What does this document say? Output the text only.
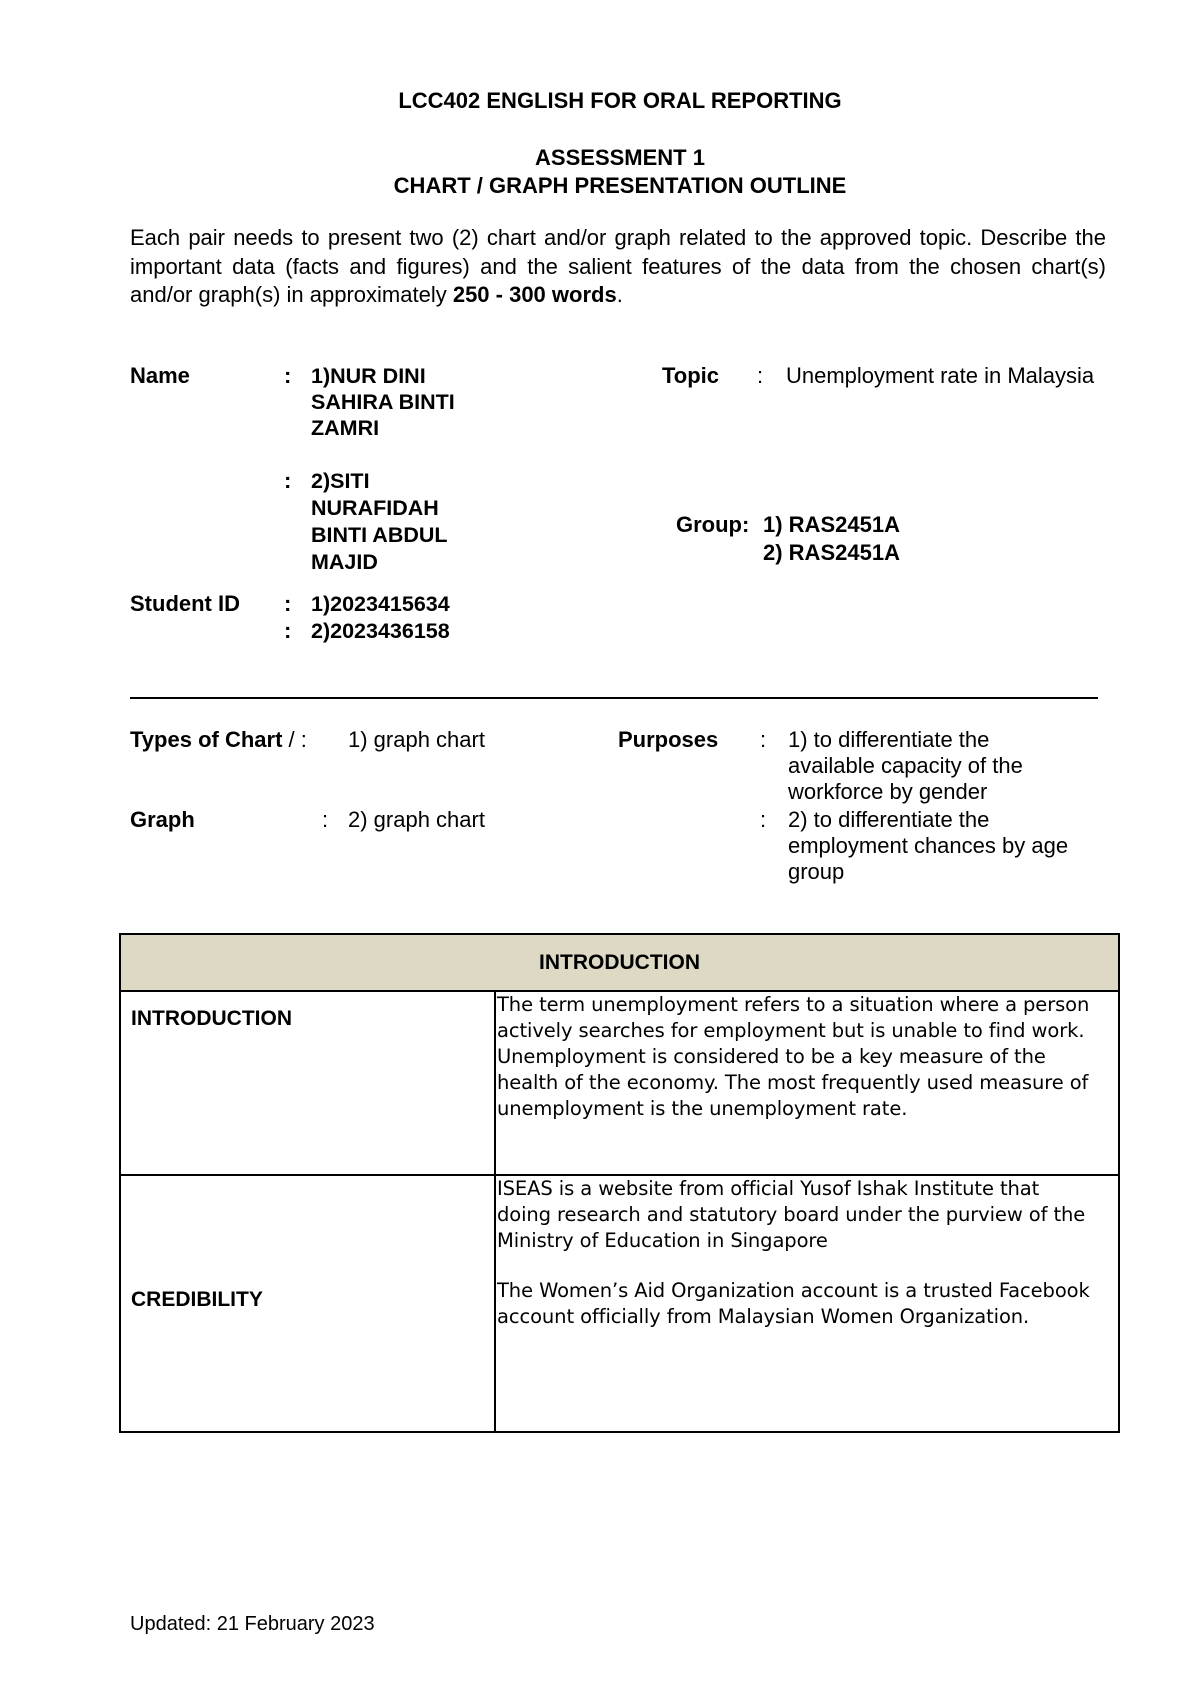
LCC402 ENGLISH FOR ORAL REPORTING
ASSESSMENT 1
CHART / GRAPH PRESENTATION OUTLINE
Each pair needs to present two (2) chart and/or graph related to the approved topic. Describe the important data (facts and figures) and the salient features of the data from the chosen chart(s) and/or graph(s) in approximately 250 - 300 words.
Name	: 1)NUR DINI
SAHIRA BINTI
ZAMRI
: 2)SITI
NURAFIDAH
BINTI ABDUL
MAJID
Student ID : 1)2023415634
: 2)2023436158
Topic : Unemployment rate in Malaysia
Group: 1) RAS2451A
2) RAS2451A
Types of Chart / : 1) graph chart
Graph	: 2) graph chart
Purposes : 1) to differentiate the
available capacity of the
workforce by gender
: 2) to differentiate the
employment chances by age
group
INTRODUCTION	

INTRODUCTION	The term unemployment refers to a situation where a person
actively searches for employment but is unable to find work.
Unemployment is considered to be a key measure of the
health of the economy. The most frequently used measure of
unemployment is the unemployment rate.

CREDIBILITY	ISEAS is a website from official Yusof Ishak Institute that
doing research and statutory board under the purview of the
Ministry of Education in Singapore
The Women’s Aid Organization account is a trusted Facebook
account officially from Malaysian Women Organization.
Updated: 21 February 2023
